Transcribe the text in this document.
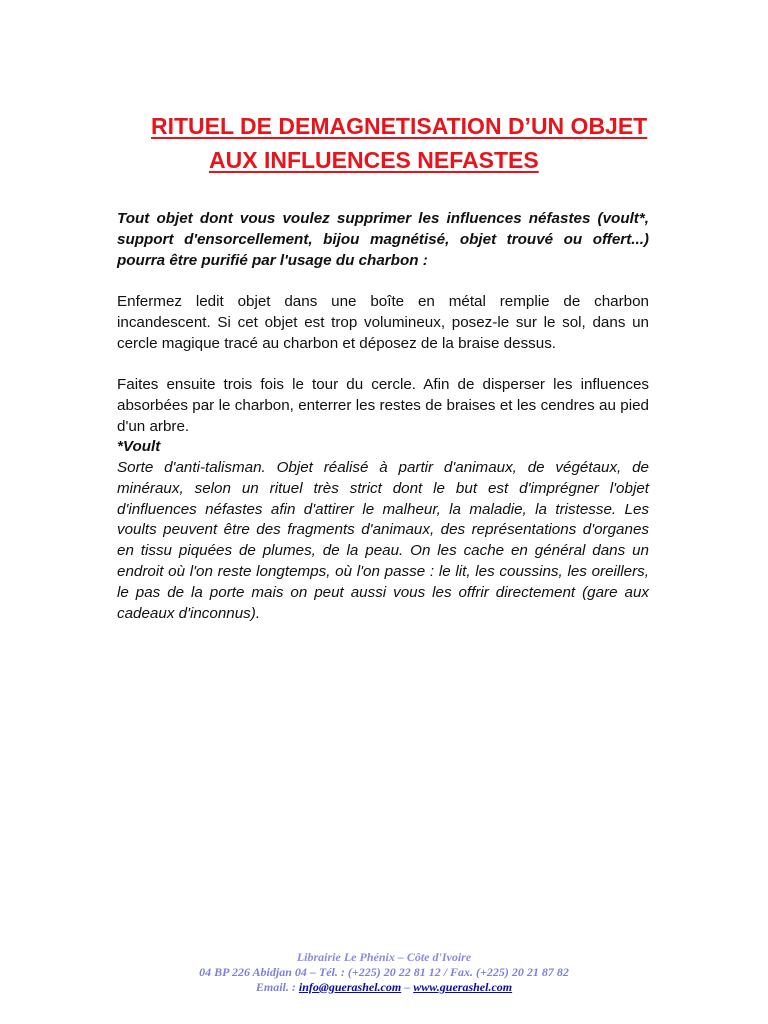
RITUEL DE DEMAGNETISATION D’UN OBJET
AUX INFLUENCES NEFASTES

Tout objet dont vous voulez supprimer les influences néfastes (voult*, support d'ensorcellement, bijou magnétisé, objet trouvé ou offert...) pourra être purifié par l'usage du charbon :

Enfermez ledit objet dans une boîte en métal remplie de charbon incandescent. Si cet objet est trop volumineux, posez-le sur le sol, dans un cercle magique tracé au charbon et déposez de la braise dessus.

Faites ensuite trois fois le tour du cercle. Afin de disperser les influences absorbées par le charbon, enterrer les restes de braises et les cendres au pied d'un arbre.

*Voult

Sorte d'anti-talisman. Objet réalisé à partir d'animaux, de végétaux, de minéraux, selon un rituel très strict dont le but est d'imprégner l'objet d'influences néfastes afin d'attirer le malheur, la maladie, la tristesse. Les voults peuvent être des fragments d'animaux, des représentations d'organes en tissu piquées de plumes, de la peau. On les cache en général dans un endroit où l'on reste longtemps, où l'on passe : le lit, les coussins, les oreillers, le pas de la porte mais on peut aussi vous les offrir directement (gare aux cadeaux d'inconnus).

Librairie Le Phénix – Côte d'Ivoire

04 BP 226 Abidjan 04 – Tél. : (+225) 20 22 81 12 / Fax. (+225) 20 21 87 82

Email. : info@guerashel.com – www.guerashel.com
